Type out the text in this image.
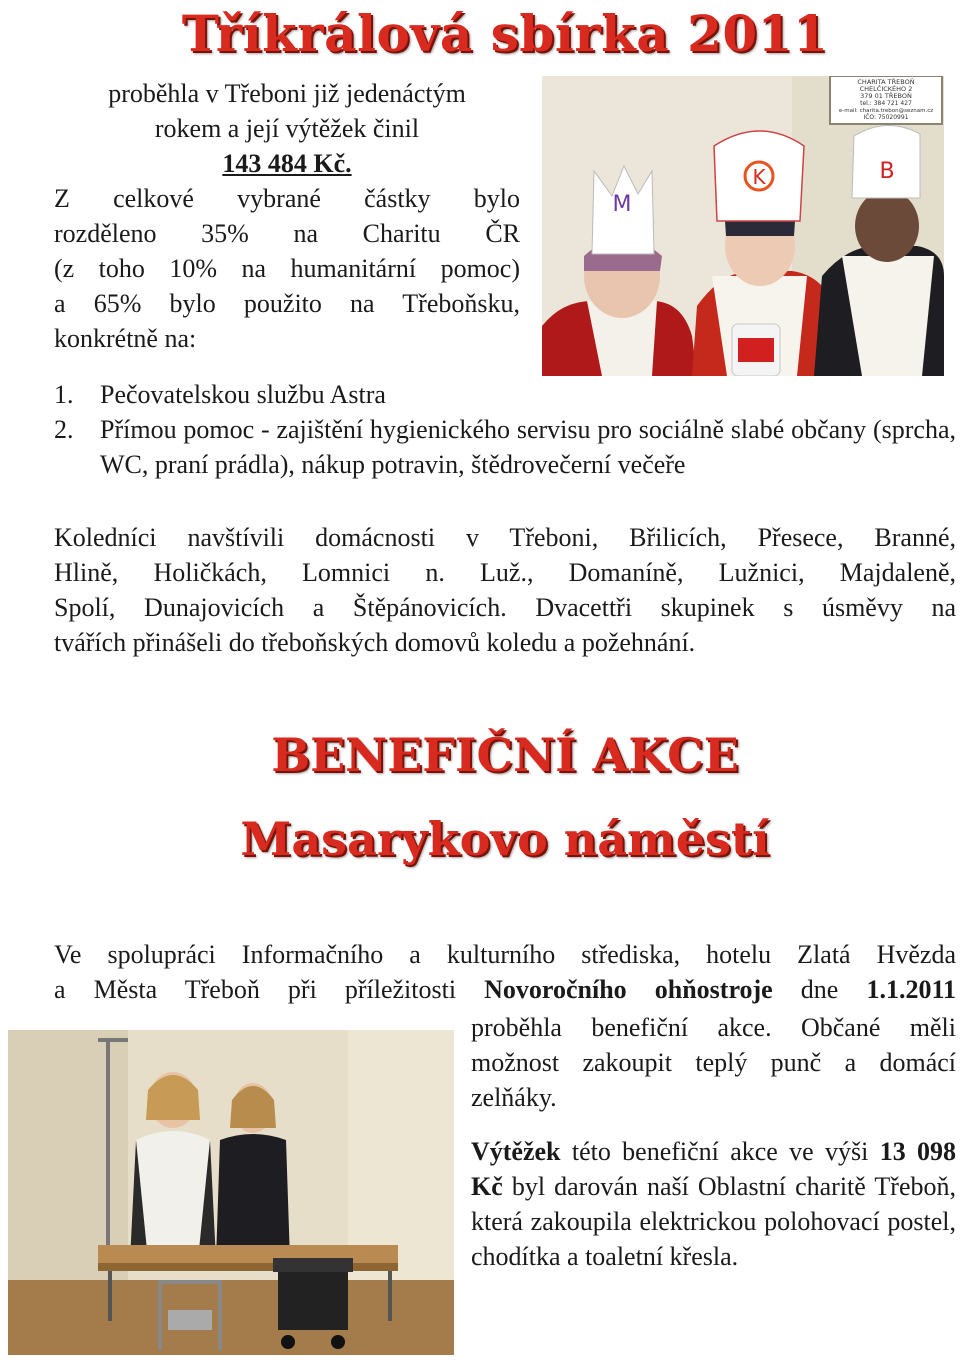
Tříkrálová sbírka 2011
proběhla v Třeboni již jedenáctým
rokem a její výtěžek činil
143 484 Kč.
Z celkové vybrané částky bylo
rozděleno 35% na Charitu ČR
(z toho 10% na humanitární pomoc)
a 65% bylo použito na Třeboňsku,
konkrétně na:
CHARITA TŘEBOŇ
CHELČICKÉHO 2
379 01 TŘEBOŇ
tel.: 384 721 427
e-mail: charita.trebon@seznam.cz
IČO: 75020991
M
K	B
1. Pečovatelskou službu Astra
2. Přímou pomoc - zajištění hygienického servisu pro sociálně slabé občany (sprcha, WC, praní prádla), nákup potravin, štědrovečerní večeře
Koledníci navštívili domácnosti v Třeboni, Břilicích, Přesece, Branné,
Hlině, Holičkách, Lomnici n. Luž., Domaníně, Lužnici, Majdaleně,
Spolí, Dunajovicích a Štěpánovicích. Dvacettři skupinek s úsměvy na
tvářích přinášeli do třeboňských domovů koledu a požehnání.
BENEFIČNÍ AKCE
Masarykovo náměstí
Ve spolupráci Informačního a kulturního střediska, hotelu Zlatá Hvězda
a Města Třeboň při příležitosti Novoročního ohňostroje dne 1.1.2011

proběhla benefiční akce. Občané měli možnost zakoupit teplý punč a domácí zelňáky.

Výtěžek této benefiční akce ve výši 13 098 Kč byl darován naší Oblastní charitě Třeboň, která zakoupila elektrickou polohovací postel, chodítka a toaletní křesla.
